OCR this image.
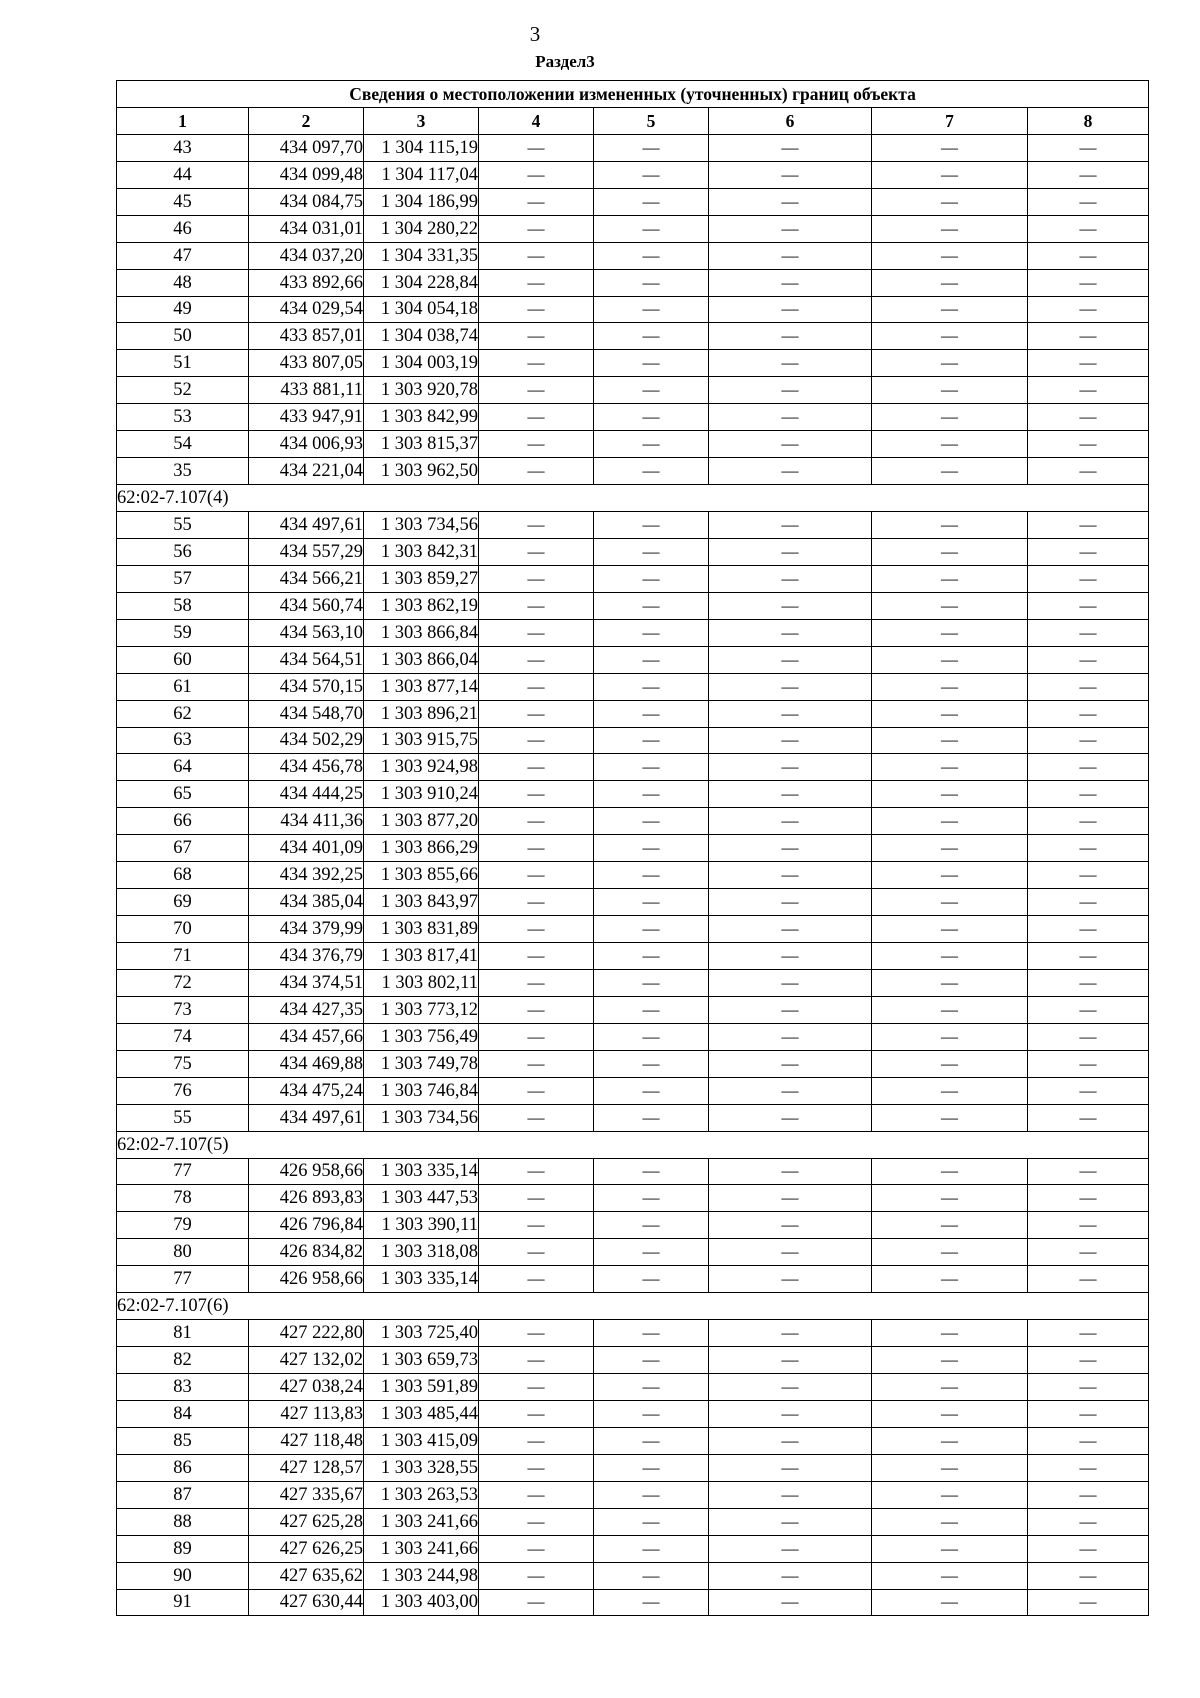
3
Раздел3
Сведения о местоположении измененных (уточненных) границ объекта							
1	2	3	4	5	6	7	8
43	434 097,70	1 304 115,19	—	—	—	—	—
44	434 099,48	1 304 117,04	—	—	—	—	—
45	434 084,75	1 304 186,99	—	—	—	—	—
46	434 031,01	1 304 280,22	—	—	—	—	—
47	434 037,20	1 304 331,35	—	—	—	—	—
48	433 892,66	1 304 228,84	—	—	—	—	—
49	434 029,54	1 304 054,18	—	—	—	—	—
50	433 857,01	1 304 038,74	—	—	—	—	—
51	433 807,05	1 304 003,19	—	—	—	—	—
52	433 881,11	1 303 920,78	—	—	—	—	—
53	433 947,91	1 303 842,99	—	—	—	—	—
54	434 006,93	1 303 815,37	—	—	—	—	—
35	434 221,04	1 303 962,50	—	—	—	—	—
62:02-7.107(4)							
55	434 497,61	1 303 734,56	—	—	—	—	—
56	434 557,29	1 303 842,31	—	—	—	—	—
57	434 566,21	1 303 859,27	—	—	—	—	—
58	434 560,74	1 303 862,19	—	—	—	—	—
59	434 563,10	1 303 866,84	—	—	—	—	—
60	434 564,51	1 303 866,04	—	—	—	—	—
61	434 570,15	1 303 877,14	—	—	—	—	—
62	434 548,70	1 303 896,21	—	—	—	—	—
63	434 502,29	1 303 915,75	—	—	—	—	—
64	434 456,78	1 303 924,98	—	—	—	—	—
65	434 444,25	1 303 910,24	—	—	—	—	—
66	434 411,36	1 303 877,20	—	—	—	—	—
67	434 401,09	1 303 866,29	—	—	—	—	—
68	434 392,25	1 303 855,66	—	—	—	—	—
69	434 385,04	1 303 843,97	—	—	—	—	—
70	434 379,99	1 303 831,89	—	—	—	—	—
71	434 376,79	1 303 817,41	—	—	—	—	—
72	434 374,51	1 303 802,11	—	—	—	—	—
73	434 427,35	1 303 773,12	—	—	—	—	—
74	434 457,66	1 303 756,49	—	—	—	—	—
75	434 469,88	1 303 749,78	—	—	—	—	—
76	434 475,24	1 303 746,84	—	—	—	—	—
55	434 497,61	1 303 734,56	—	—	—	—	—
62:02-7.107(5)							
77	426 958,66	1 303 335,14	—	—	—	—	—
78	426 893,83	1 303 447,53	—	—	—	—	—
79	426 796,84	1 303 390,11	—	—	—	—	—
80	426 834,82	1 303 318,08	—	—	—	—	—
77	426 958,66	1 303 335,14	—	—	—	—	—
62:02-7.107(6)							
81	427 222,80	1 303 725,40	—	—	—	—	—
82	427 132,02	1 303 659,73	—	—	—	—	—
83	427 038,24	1 303 591,89	—	—	—	—	—
84	427 113,83	1 303 485,44	—	—	—	—	—
85	427 118,48	1 303 415,09	—	—	—	—	—
86	427 128,57	1 303 328,55	—	—	—	—	—
87	427 335,67	1 303 263,53	—	—	—	—	—
88	427 625,28	1 303 241,66	—	—	—	—	—
89	427 626,25	1 303 241,66	—	—	—	—	—
90	427 635,62	1 303 244,98	—	—	—	—	—
91	427 630,44	1 303 403,00	—	—	—	—	—
